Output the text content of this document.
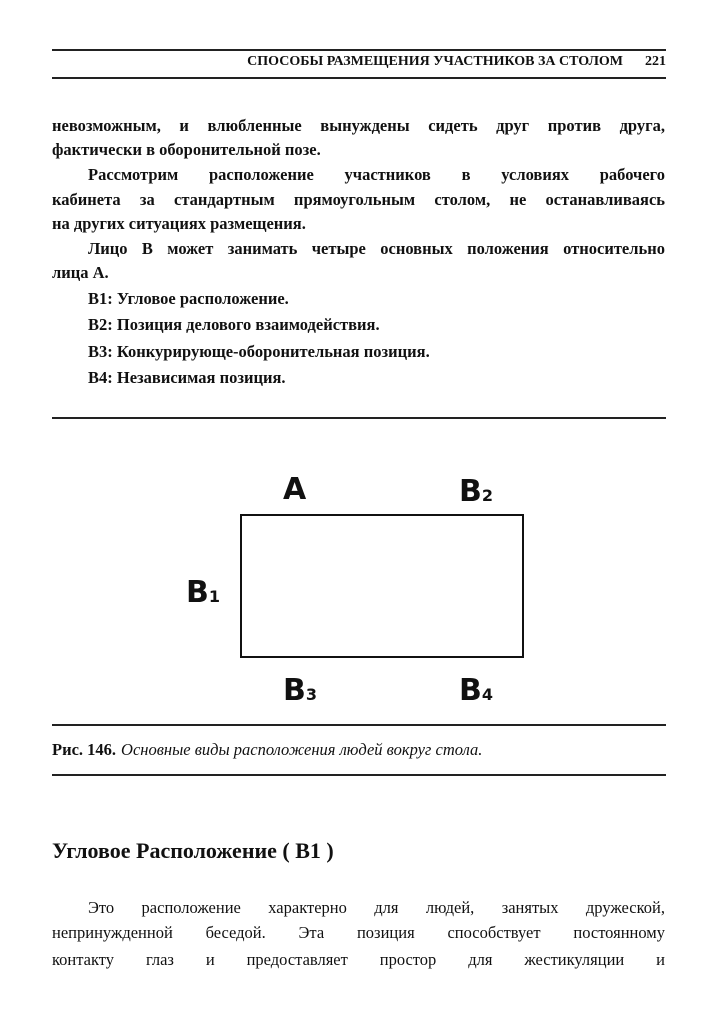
СПОСОБЫ РАЗМЕЩЕНИЯ УЧАСТНИКОВ ЗА СТОЛОМ 221
невозможным, и влюбленные вынуждены сидеть друг против друга,
фактически в оборонительной позе.
Рассмотрим расположение участников в условиях рабочего
кабинета за стандартным прямоугольным столом, не останавливаясь
на других ситуациях размещения.
Лицо В может занимать четыре основных положения относительно
лица А.
B1: Угловое расположение.
B2: Позиция делового взаимодействия.
B3: Конкурирующе-оборонительная позиция.
B4: Независимая позиция.
A	B2
B1
B3	B4
Рис. 146. Основные виды расположения людей вокруг стола.
Угловое Расположение ( B1 )
Это расположение характерно для людей, занятых дружеской,
непринужденной беседой. Эта позиция способствует постоянному
контакту глаз и предоставляет простор для жестикуляции и
